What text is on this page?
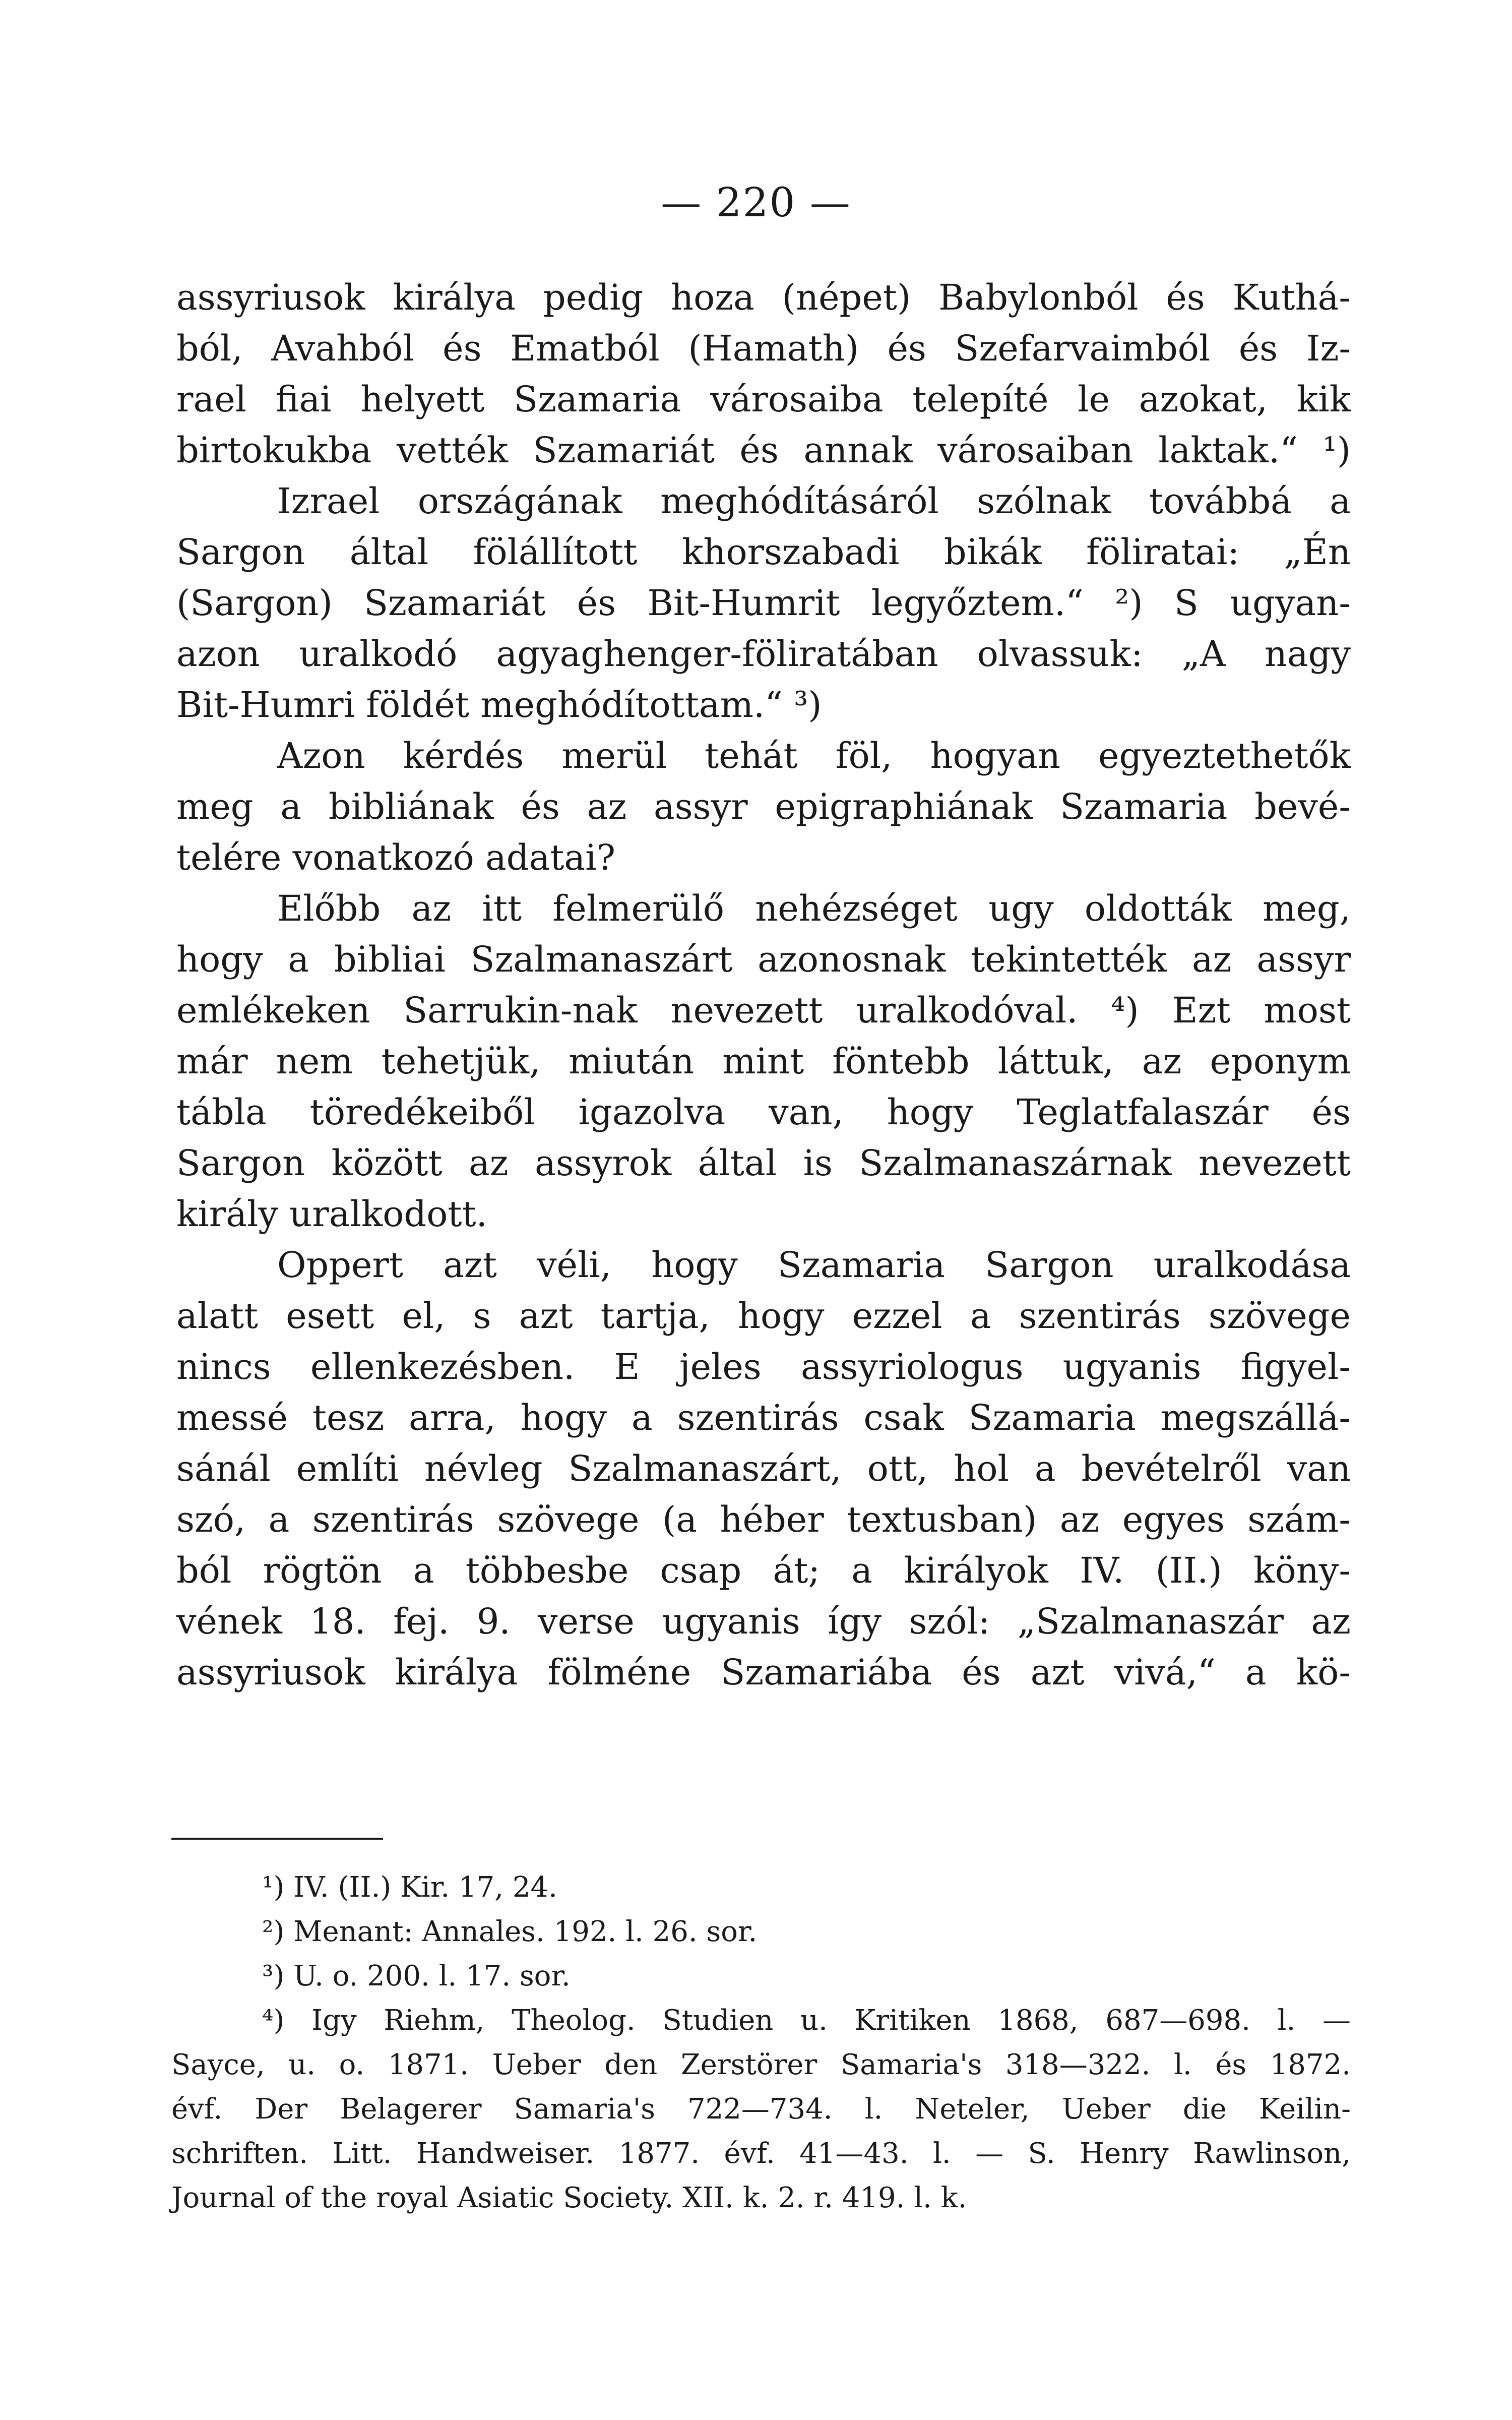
— 220 —
assyriusok királya pedig hoza (népet) Babylonból és Kuthá-
ból, Avahból és Ematból (Hamath) és Szefarvaimból és Iz-
rael fiai helyett Szamaria városaiba telepíté le azokat, kik
birtokukba vették Szamariát és annak városaiban laktak.“ ¹)
Izrael országának meghódításáról szólnak továbbá a
Sargon által fölállított khorszabadi bikák föliratai: „Én
(Sargon) Szamariát és Bit-Humrit legyőztem.“ ²) S ugyan-
azon uralkodó agyaghenger-föliratában olvassuk: „A nagy
Bit-Humri földét meghódítottam.“ ³)
Azon kérdés merül tehát föl, hogyan egyeztethetők
meg a bibliának és az assyr epigraphiának Szamaria bevé-
telére vonatkozó adatai?
Előbb az itt felmerülő nehézséget ugy oldották meg,
hogy a bibliai Szalmanaszárt azonosnak tekintették az assyr
emlékeken Sarrukin-nak nevezett uralkodóval. ⁴) Ezt most
már nem tehetjük, miután mint föntebb láttuk, az eponym
tábla töredékeiből igazolva van, hogy Teglatfalaszár és
Sargon között az assyrok által is Szalmanaszárnak nevezett
király uralkodott.
Oppert azt véli, hogy Szamaria Sargon uralkodása
alatt esett el, s azt tartja, hogy ezzel a szentirás szövege
nincs ellenkezésben. E jeles assyriologus ugyanis figyel-
messé tesz arra, hogy a szentirás csak Szamaria megszállá-
sánál említi névleg Szalmanaszárt, ott, hol a bevételről van
szó, a szentirás szövege (a héber textusban) az egyes szám-
ból rögtön a többesbe csap át; a királyok IV. (II.) köny-
vének 18. fej. 9. verse ugyanis így szól: „Szalmanaszár az
assyriusok királya fölméne Szamariába és azt vivá,“ a kö-
¹) IV. (II.) Kir. 17, 24.
²) Menant: Annales. 192. l. 26. sor.
³) U. o. 200. l. 17. sor.
⁴) Igy Riehm, Theolog. Studien u. Kritiken 1868, 687—698. l. —
Sayce, u. o. 1871. Ueber den Zerstörer Samaria's 318—322. l. és 1872.
évf. Der Belagerer Samaria's 722—734. l. Neteler, Ueber die Keilin-
schriften. Litt. Handweiser. 1877. évf. 41—43. l. — S. Henry Rawlinson,
Journal of the royal Asiatic Society. XII. k. 2. r. 419. l. k.
